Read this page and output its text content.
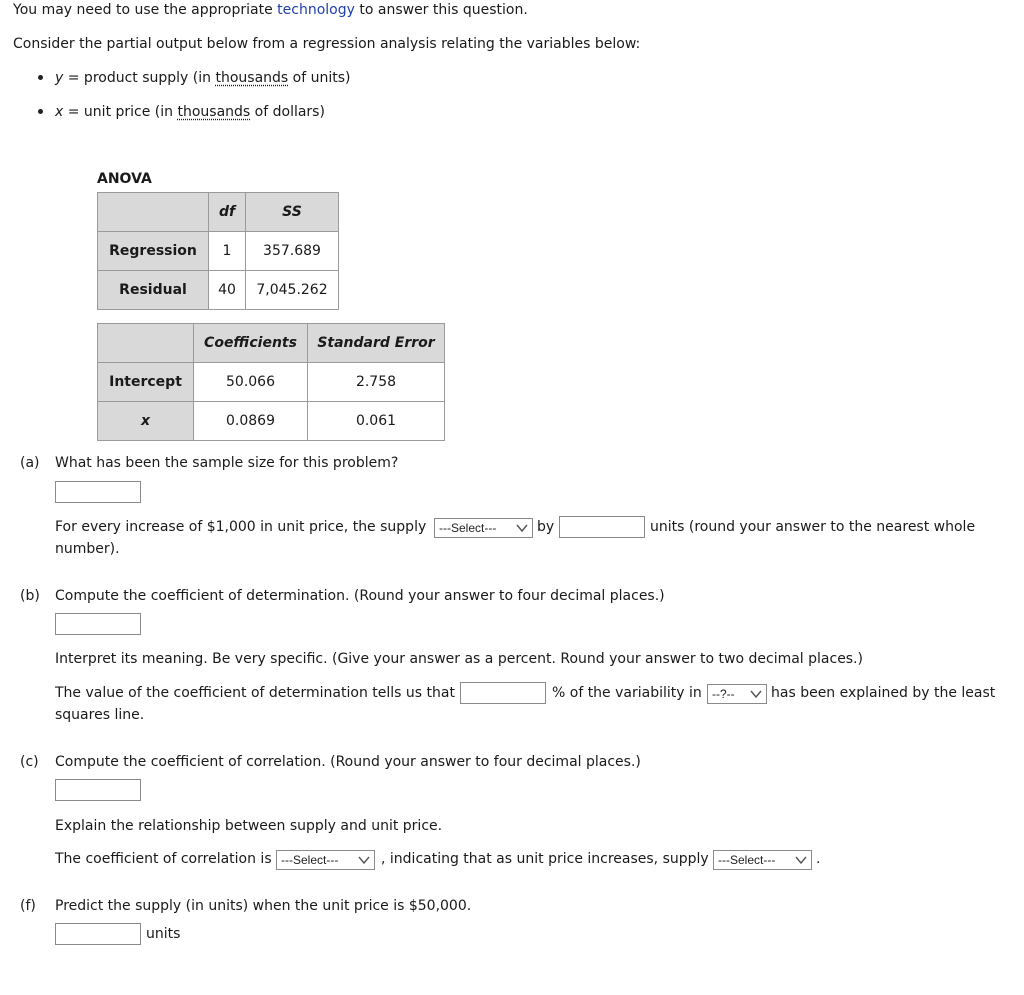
You may need to use the appropriate technology to answer this question.
Consider the partial output below from a regression analysis relating the variables below:
y = product supply (in thousands of units)
x = unit price (in thousands of dollars)
ANOVA
	df	SS
Regression	1	357.689
Residual	40	7,045.262
	Coefficients	Standard Error
Intercept	50.066	2.758
x	0.0869	0.061
(a) What has been the sample size for this problem?
For every increase of $1,000 in unit price, the supply	---Select---	by	units (round your answer to the nearest whole
number).
(b) Compute the coefficient of determination. (Round your answer to four decimal places.)
Interpret its meaning. Be very specific. (Give your answer as a percent. Round your answer to two decimal places.)
The value of the coefficient of determination tells us that	% of the variability in --?--	has been explained by the least
squares line.
(c) Compute the coefficient of correlation. (Round your answer to four decimal places.)
Explain the relationship between supply and unit price.
The coefficient of correlation is ---Select---	, indicating that as unit price increases, supply ---Select---	.
(f) Predict the supply (in units) when the unit price is $50,000.
units
